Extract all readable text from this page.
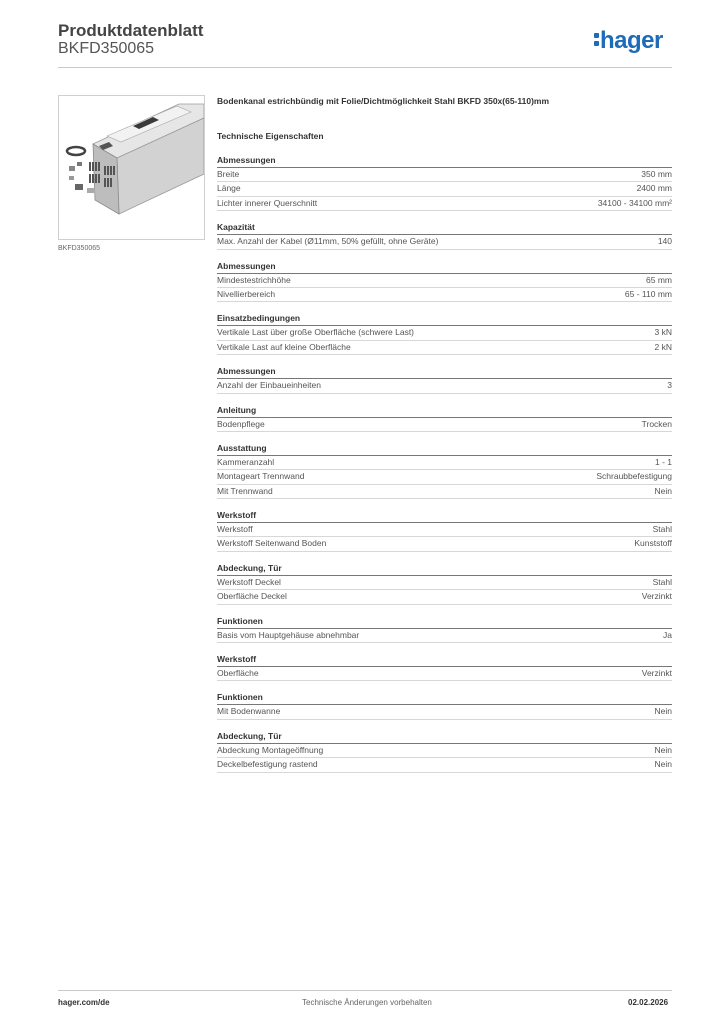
Produktdatenblatt
BKFD350065	hager
BKFD350065
Bodenkanal estrichbündig mit Folie/Dichtmöglichkeit Stahl BKFD 350x(65-110)mm
Technische Eigenschaften
Abmessungen
Breite	350 mm
Länge	2400 mm
Lichter innerer Querschnitt	34100 - 34100 mm²
Kapazität
Max. Anzahl der Kabel (Ø11mm, 50% gefüllt, ohne Geräte)	140
Abmessungen
Mindestestrichhöhe	65 mm
Nivellierbereich	65 - 110 mm
Einsatzbedingungen
Vertikale Last über große Oberfläche (schwere Last)	3 kN
Vertikale Last auf kleine Oberfläche	2 kN
Abmessungen
Anzahl der Einbaueinheiten	3
Anleitung
Bodenpflege	Trocken
Ausstattung
Kammeranzahl	1 - 1
Montageart Trennwand	Schraubbefestigung
Mit Trennwand	Nein
Werkstoff
Werkstoff	Stahl
Werkstoff Seitenwand Boden	Kunststoff
Abdeckung, Tür
Werkstoff Deckel	Stahl
Oberfläche Deckel	Verzinkt
Funktionen
Basis vom Hauptgehäuse abnehmbar	Ja
Werkstoff
Oberfläche	Verzinkt
Funktionen
Mit Bodenwanne	Nein
Abdeckung, Tür
Abdeckung Montageöffnung	Nein
Deckelbefestigung rastend	Nein
hager.com/de	Technische Änderungen vorbehalten	02.02.2026
